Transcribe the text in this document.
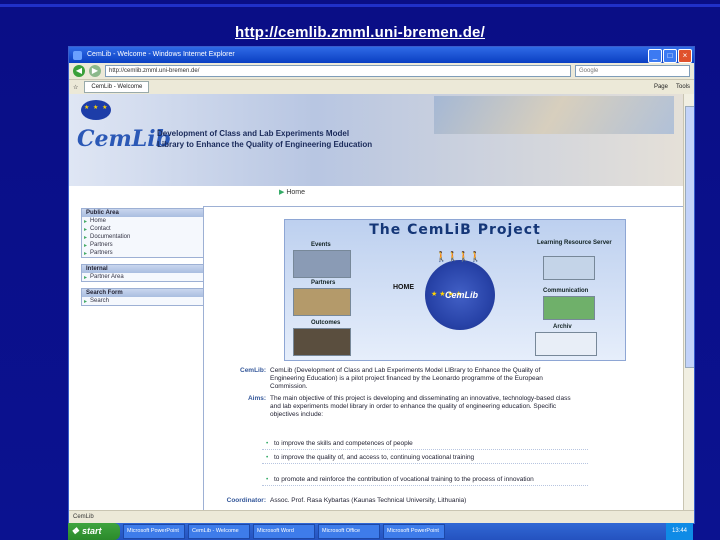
http://cemlib.zmml.uni-bremen.de/
CemLib - Welcome - Windows Internet Explorer	_	□	×
◀	▶	http://cemlib.zmml.uni-bremen.de/	Google
☆	CemLib - Welcome	Page Tools
★ ★ ★
CemLib
Development of Class and Lab Experiments Model
Library to Enhance the Quality of Engineering Education
▶ Home
Public Area
▸ Home
▸ Contact
▸ Documentation
▸ Partners
▸ Partners
Internal
▸ Partner Area
Search Form
▸ Search
The CemLiB Project
Events
Partners
Outcomes
Learning Resource Server
Communication
Archiv
★ ★ ★ ★
🚶🚶🚶🚶
HOME
CemLib
CemLib: CemLib (Development of Class and Lab Experiments Model LIBrary to Enhance the Quality of Engineering Education) is a pilot project financed by the Leonardo programme of the European Commission.
Aims: The main objective of this project is developing and disseminating an innovative, technology-based class and lab experiments model library in order to enhance the quality of engineering education. Specific objectives include:
• to improve the skills and competences of people
• to improve the quality of, and access to, continuing vocational training
• to promote and reinforce the contribution of vocational training to the process of innovation
Coordinator: Assoc. Prof. Rasa Kybartas (Kaunas Technical University, Lithuania)
CemLib
❖ start	Microsoft PowerPoint	CemLib - Welcome	Microsoft Word	Microsoft Office	Microsoft PowerPoint	13:44
